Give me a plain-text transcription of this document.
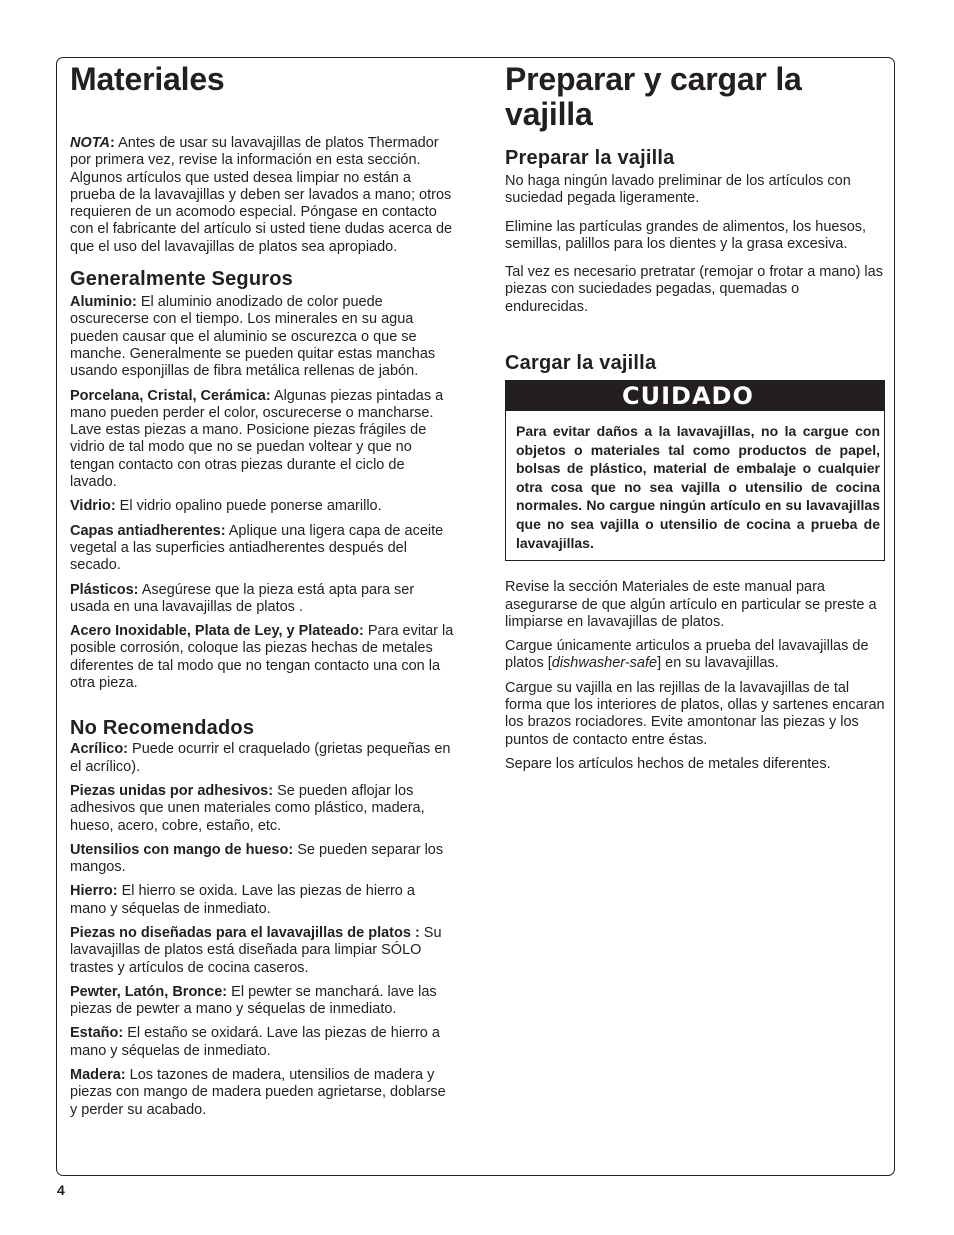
Materiales

NOTA: Antes de usar su lavavajillas de platos Thermador por primera vez, revise la información en esta sección. Algunos artículos que usted desea limpiar no están a prueba de la lavavajillas y deben ser lavados a mano; otros requieren de un acomodo especial. Póngase en contacto con el fabricante del artículo si usted tiene dudas acerca de que el uso del lavavajillas de platos sea apropiado.

Generalmente Seguros

Aluminio: El aluminio anodizado de color puede oscurecerse con el tiempo. Los minerales en su agua pueden causar que el aluminio se oscurezca o que se manche. Generalmente se pueden quitar estas manchas usando esponjillas de fibra metálica rellenas de jabón.

Porcelana, Cristal, Cerámica: Algunas piezas pintadas a mano pueden perder el color, oscurecerse o mancharse. Lave estas piezas a mano. Posicione piezas frágiles de vidrio de tal modo que no se puedan voltear y que no tengan contacto con otras piezas durante el ciclo de lavado.

Vidrio: El vidrio opalino puede ponerse amarillo.

Capas antiadherentes: Aplique una ligera capa de aceite vegetal a las superficies antiadherentes después del secado.

Plásticos: Asegúrese que la pieza está apta para ser usada en una lavavajillas de platos .

Acero Inoxidable, Plata de Ley, y Plateado: Para evitar la posible corrosión, coloque las piezas hechas de metales diferentes de tal modo que no tengan contacto una con la otra pieza.

No Recomendados

Acrílico: Puede ocurrir el craquelado (grietas pequeñas en el acrílico).

Piezas unidas por adhesivos: Se pueden aflojar los adhesivos que unen materiales como plástico, madera, hueso, acero, cobre, estaño, etc.

Utensilios con mango de hueso: Se pueden separar los mangos.

Hierro: El hierro se oxida. Lave las piezas de hierro a mano y séquelas de inmediato.

Piezas no diseñadas para el lavavajillas de platos : Su lavavajillas de platos está diseñada para limpiar SÓLO trastes y artículos de cocina caseros.

Pewter, Latón, Bronce: El pewter se manchará. lave las piezas de pewter a mano y séquelas de inmediato.

Estaño: El estaño se oxidará. Lave las piezas de hierro a mano y séquelas de inmediato.

Madera: Los tazones de madera, utensilios de madera y piezas con mango de madera pueden agrietarse, doblarse y perder su acabado.

Preparar y cargar la vajilla
Preparar la vajilla

No haga ningún lavado preliminar de los artículos con suciedad pegada ligeramente.

Elimine las partículas grandes de alimentos, los huesos, semillas, palillos para los dientes y la grasa excesiva.

Tal vez es necesario pretratar (remojar o frotar a mano) las piezas con suciedades pegadas, quemadas o endurecidas.

Cargar la vajilla
CUIDADO

Para evitar daños a la lavavajillas, no la cargue con objetos o materiales tal como productos de papel, bolsas de plástico, material de embalaje o cualquier otra cosa que no sea vajilla o utensilio de cocina normales. No cargue ningún artículo en su lavavajillas que no sea vajilla o utensilio de cocina a prueba de lavavajillas.

Revise la sección Materiales de este manual para asegurarse de que algún artículo en particular se preste a limpiarse en lavavajillas de platos.

Cargue únicamente articulos a prueba del lavavajillas de platos [dishwasher-safe] en su lavavajillas.

Cargue su vajilla en las rejillas de la lavavajillas de tal forma que los interiores de platos, ollas y sartenes encaran los brazos rociadores. Evite amontonar las piezas y los puntos de contacto entre éstas.

Separe los artículos hechos de metales diferentes.

4
